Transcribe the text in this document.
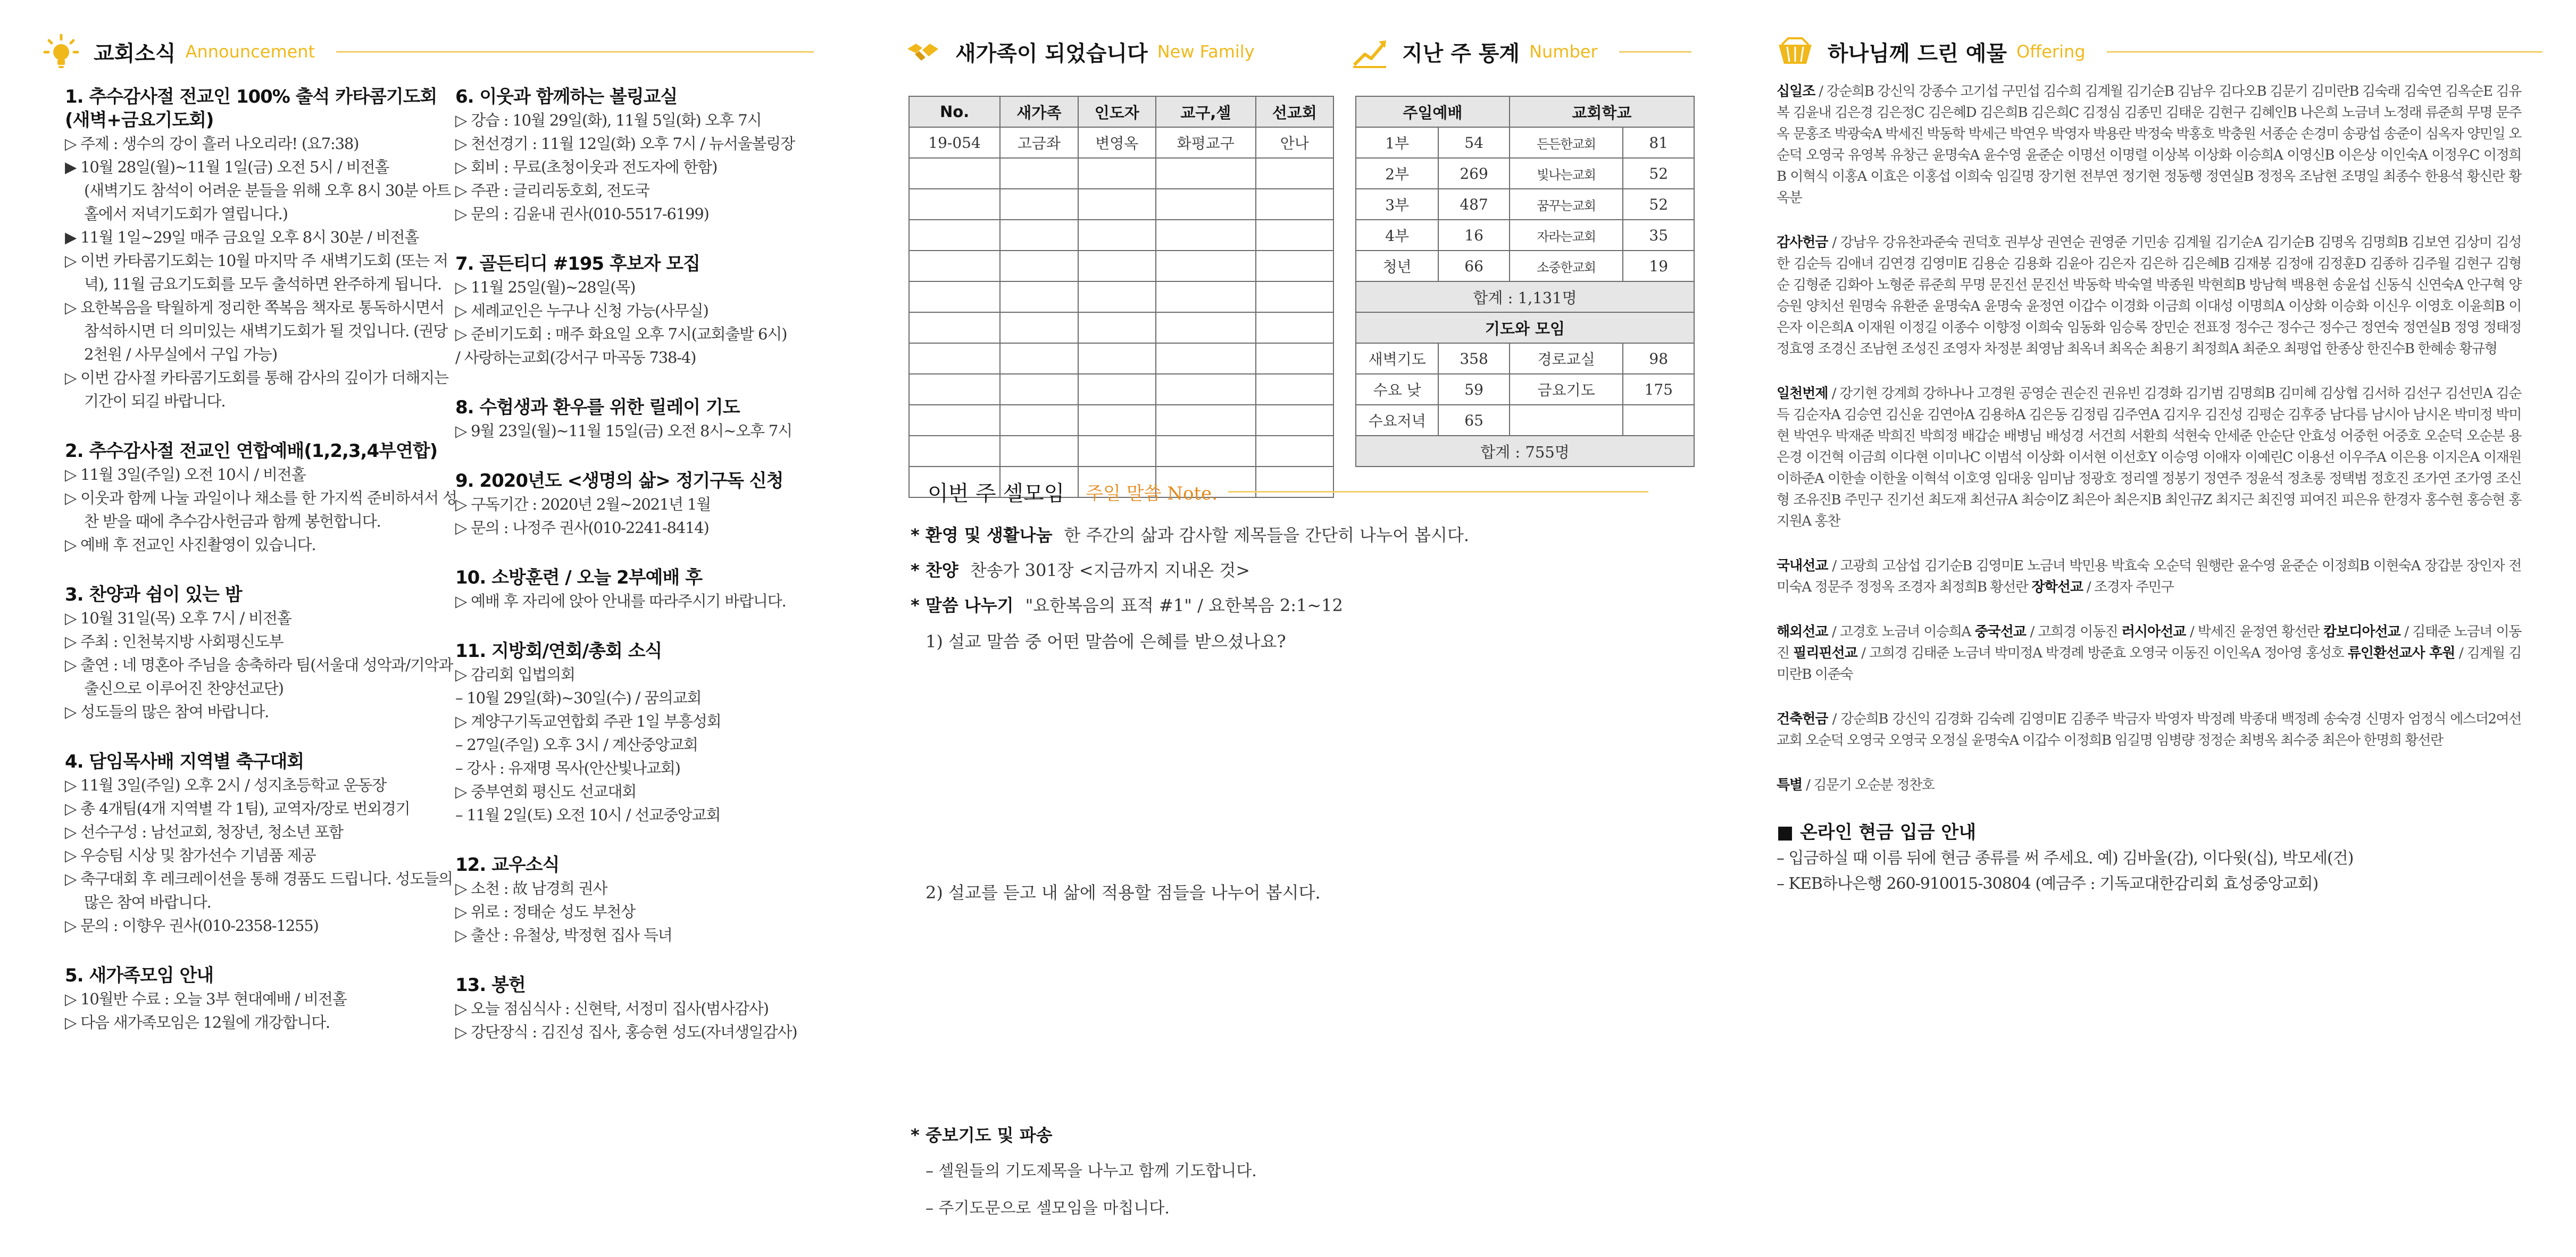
교회소식 Announcement
1. 추수감사절 전교인 100% 출석 카타콤기도회 (새벽+금요기도회)
▷ 주제 : 생수의 강이 흘러 나오리라! (요7:38)
▶ 10월 28일(월)~11월 1일(금) 오전 5시 / 비전홀
(새벽기도 참석이 어려운 분들을 위해 오후 8시 30분 아트홀에서 저녁기도회가 열립니다.)
▶ 11월 1일~29일 매주 금요일 오후 8시 30분 / 비전홀
▷ 이번 카타콤기도회는 10월 마지막 주 새벽기도회 (또는 저녁), 11월 금요기도회를 모두 출석하면 완주하게 됩니다.
▷ 요한복음을 탁월하게 정리한 쪽복음 책자로 통독하시면서 참석하시면 더 의미있는 새벽기도회가 될 것입니다. (권당 2천원 / 사무실에서 구입 가능)
▷ 이번 감사절 카타콤기도회를 통해 감사의 깊이가 더해지는 기간이 되길 바랍니다.
2. 추수감사절 전교인 연합예배(1,2,3,4부연합)
▷ 11월 3일(주일) 오전 10시 / 비전홀
▷ 이웃과 함께 나눌 과일이나 채소를 한 가지씩 준비하셔서 성찬 받을 때에 추수감사헌금과 함께 봉헌합니다.
▷ 예배 후 전교인 사진촬영이 있습니다.
3. 찬양과 쉼이 있는 밤
▷ 10월 31일(목) 오후 7시 / 비전홀
▷ 주최 : 인천북지방 사회평신도부
▷ 출연 : 네 명혼아 주님을 송축하라 팀(서울대 성악과/기악과 출신으로 이루어진 찬양선교단)
▷ 성도들의 많은 참여 바랍니다.
4. 담임목사배 지역별 축구대회
▷ 11월 3일(주일) 오후 2시 / 성지초등학교 운동장
▷ 총 4개팀(4개 지역별 각 1팀), 교역자/장로 번외경기
▷ 선수구성 : 남선교회, 청장년, 청소년 포함
▷ 우승팀 시상 및 참가선수 기념품 제공
▷ 축구대회 후 레크레이션을 통해 경품도 드립니다. 성도들의 많은 참여 바랍니다.
▷ 문의 : 이향우 권사(010-2358-1255)
5. 새가족모임 안내
▷ 10월반 수료 : 오늘 3부 현대예배 / 비전홀
▷ 다음 새가족모임은 12월에 개강합니다.
6. 이웃과 함께하는 볼링교실
▷ 강습 : 10월 29일(화), 11월 5일(화) 오후 7시
▷ 천선경기 : 11월 12일(화) 오후 7시 / 뉴서울볼링장
▷ 회비 : 무료(초청이웃과 전도자에 한함)
▷ 주관 : 글리리동호회, 전도국
▷ 문의 : 김윤내 권사(010-5517-6199)
7. 골든티디 #195 후보자 모집
▷ 11월 25일(월)~28일(목)
▷ 세례교인은 누구나 신청 가능(사무실)
▷ 준비기도회 : 매주 화요일 오후 7시(교회출발 6시)
/ 사랑하는교회(강서구 마곡동 738-4)
8. 수험생과 환우를 위한 릴레이 기도
▷ 9월 23일(월)~11월 15일(금) 오전 8시~오후 7시
9. 2020년도 <생명의 삶> 정기구독 신청
▷ 구독기간 : 2020년 2월~2021년 1월
▷ 문의 : 나정주 권사(010-2241-8414)
10. 소방훈련 / 오늘 2부예배 후
▷ 예배 후 자리에 앉아 안내를 따라주시기 바랍니다.
11. 지방회/연회/총회 소식
▷ 감리회 입법의회
– 10월 29일(화)~30일(수) / 꿈의교회
▷ 계양구기독교연합회 주관 1일 부흥성회
– 27일(주일) 오후 3시 / 계산중앙교회
– 강사 : 유재명 목사(안산빛나교회)
▷ 중부연회 평신도 선교대회
– 11월 2일(토) 오전 10시 / 선교중앙교회
12. 교우소식
▷ 소천 : 故 남경희 권사
▷ 위로 : 정태순 성도 부천상
▷ 출산 : 유철상, 박정현 집사 득녀
13. 봉헌
▷ 오늘 점심식사 : 신현탁, 서정미 집사(범사감사)
▷ 강단장식 : 김진성 집사, 홍승현 성도(자녀생일감사)
새가족이 되었습니다 New Family
No.	새가족	인도자	교구,셀	선교회
19-054	고금좌	변영옥	화평교구	안나

지난 주 통계 Number
주일예배		교회학교	
1부	54	든든한교회	81
2부	269	빛나는교회	52
3부	487	꿈꾸는교회	52
4부	16	자라는교회	35
청년	66	소중한교회	19
합계 : 1,131명			
기도와 모임			
새벽기도	358	경로교실	98
수요 낮	59	금요기도	175
수요저녁	65		
합계 : 755명			
이번 주 셀모임 주일 말씀 Note.
* 환영 및 생활나눔 한 주간의 삶과 감사할 제목들을 간단히 나누어 봅시다.
* 찬양 찬송가 301장 <지금까지 지내온 것>
* 말씀 나누기 "요한복음의 표적 #1" / 요한복음 2:1~12
1) 설교 말씀 중 어떤 말씀에 은혜를 받으셨나요?
2) 설교를 듣고 내 삶에 적용할 점들을 나누어 봅시다.
* 중보기도 및 파송
– 셀원들의 기도제목을 나누고 함께 기도합니다.
– 주기도문으로 셀모임을 마칩니다.
하나님께 드린 예물 Offering

십일조 / 강순희B 강신익 강종수 고기섭 구민섭 김수희 김계월 김기순B 김남우 김다오B 김문기 김미란B 김숙래 김숙연 김옥순E 김유복 김윤내 김은경 김은정C 김은혜D 김은희B 김은희C 김정심 김종민 김태운 김현구 김혜인B 나은희 노금녀 노정래 류준희 무명 문주옥 문홍조 박광숙A 박세진 박동학 박세근 박연우 박영자 박용란 박정숙 박홍호 박충원 서종순 손경미 송광섭 송준이 심옥자 양민일 오순덕 오영국 유영복 유창근 윤명숙A 윤수영 윤준순 이명선 이명렬 이상복 이상화 이승희A 이영신B 이은상 이인숙A 이정우C 이정희B 이혁식 이홍A 이효은 이홍섭 이희숙 임길명 장기현 전부연 정기현 정동행 정연실B 정정옥 조남현 조명일 최종수 한용석 황신란 황옥분

감사헌금 / 강남우 강유찬과준숙 권덕호 권부상 권연순 권영준 기민송 김계월 김기순A 김기순B 김명옥 김명희B 김보연 김상미 김성한 김순득 김애녀 김연경 김영미E 김용순 김용화 김윤아 김은자 김은하 김은혜B 김재봉 김정애 김정훈D 김종하 김주월 김현구 김형순 김형준 김화아 노형준 류준희 무명 문진선 문진선 박동학 박숙열 박종원 박현희B 방남혁 백용현 송윤섭 신동식 신연숙A 안구혁 양승원 양치선 원명숙 유환준 윤명숙A 윤명숙 윤정연 이갑수 이경화 이금희 이대성 이명희A 이상화 이승화 이신우 이영호 이윤희B 이은자 이은희A 이재원 이정길 이종수 이향정 이희숙 임동화 임승록 장민순 전표정 정수근 정수근 정수근 정연숙 정연실B 정영 정태정 정효영 조경신 조남현 조성진 조영자 차정분 최영남 최옥녀 최옥순 최용기 최정희A 최준오 최평업 한종상 한진수B 한혜송 황규형

일천번제 / 강기현 강계희 강하나나 고경원 공영순 권순진 권유빈 김경화 김기범 김명희B 김미혜 김상협 김서하 김선구 김선민A 김순득 김순자A 김승연 김신윤 김연아A 김용하A 김은동 김정림 김주연A 김지우 김진성 김평순 김후중 남다름 남시아 남시온 박미정 박미현 박연우 박재준 박희진 박희정 배갑순 배병님 배성경 서건희 서환희 석현숙 안세준 안순단 안효성 어중헌 어중호 오순덕 오순분 용은경 이건혁 이금희 이다현 이미나C 이범석 이상화 이서현 이선호Y 이승영 이애자 이예린C 이용선 이우주A 이은용 이지은A 이재원 이하준A 이한솔 이한울 이혁석 이호영 임대웅 임미남 정광호 정리엘 정봉기 정연주 정윤석 정초롱 정택범 정호진 조가연 조가영 조신형 조유진B 주민구 진기선 최도재 최선규A 최승이Z 최은아 최은지B 최인규Z 최지근 최진영 피여진 피은유 한경자 홍수현 홍승현 홍지원A 홍찬

국내선교 / 고광희 고삼섭 김기순B 김영미E 노금녀 박민용 박효숙 오순덕 원행란 윤수영 윤준순 이정희B 이현숙A 장갑분 장인자 전미숙A 정문주 정정옥 조경자 최정희B 황선란 장학선교 / 조경자 주민구

해외선교 / 고경호 노금녀 이승희A 중국선교 / 고희경 이동진 러시아선교 / 박세진 윤정연 황선란 캄보디아선교 / 김태준 노금녀 이동진 필리핀선교 / 고희경 김태준 노금녀 박미정A 박경례 방준효 오영국 이동진 이인옥A 정아영 홍성호 류인환선교사 후원 / 김계월 김미란B 이준숙

건축헌금 / 강순희B 강신익 김경화 김숙례 김영미E 김종주 박금자 박영자 박정례 박종대 백정례 송숙경 신명자 엄정식 에스더2여선교회 오순덕 오영국 오영국 오정실 윤명숙A 이갑수 이정희B 임길명 임병량 정정순 최병옥 최수중 최은아 한명희 황선란

특별 / 김문기 오순분 정찬호

■ 온라인 현금 입금 안내
– 입금하실 때 이름 뒤에 현금 종류를 써 주세요. 예) 김바울(감), 이다윗(십), 박모세(건)
– KEB하나은행 260-910015-30804 (예금주 : 기독교대한감리회 효성중앙교회)
